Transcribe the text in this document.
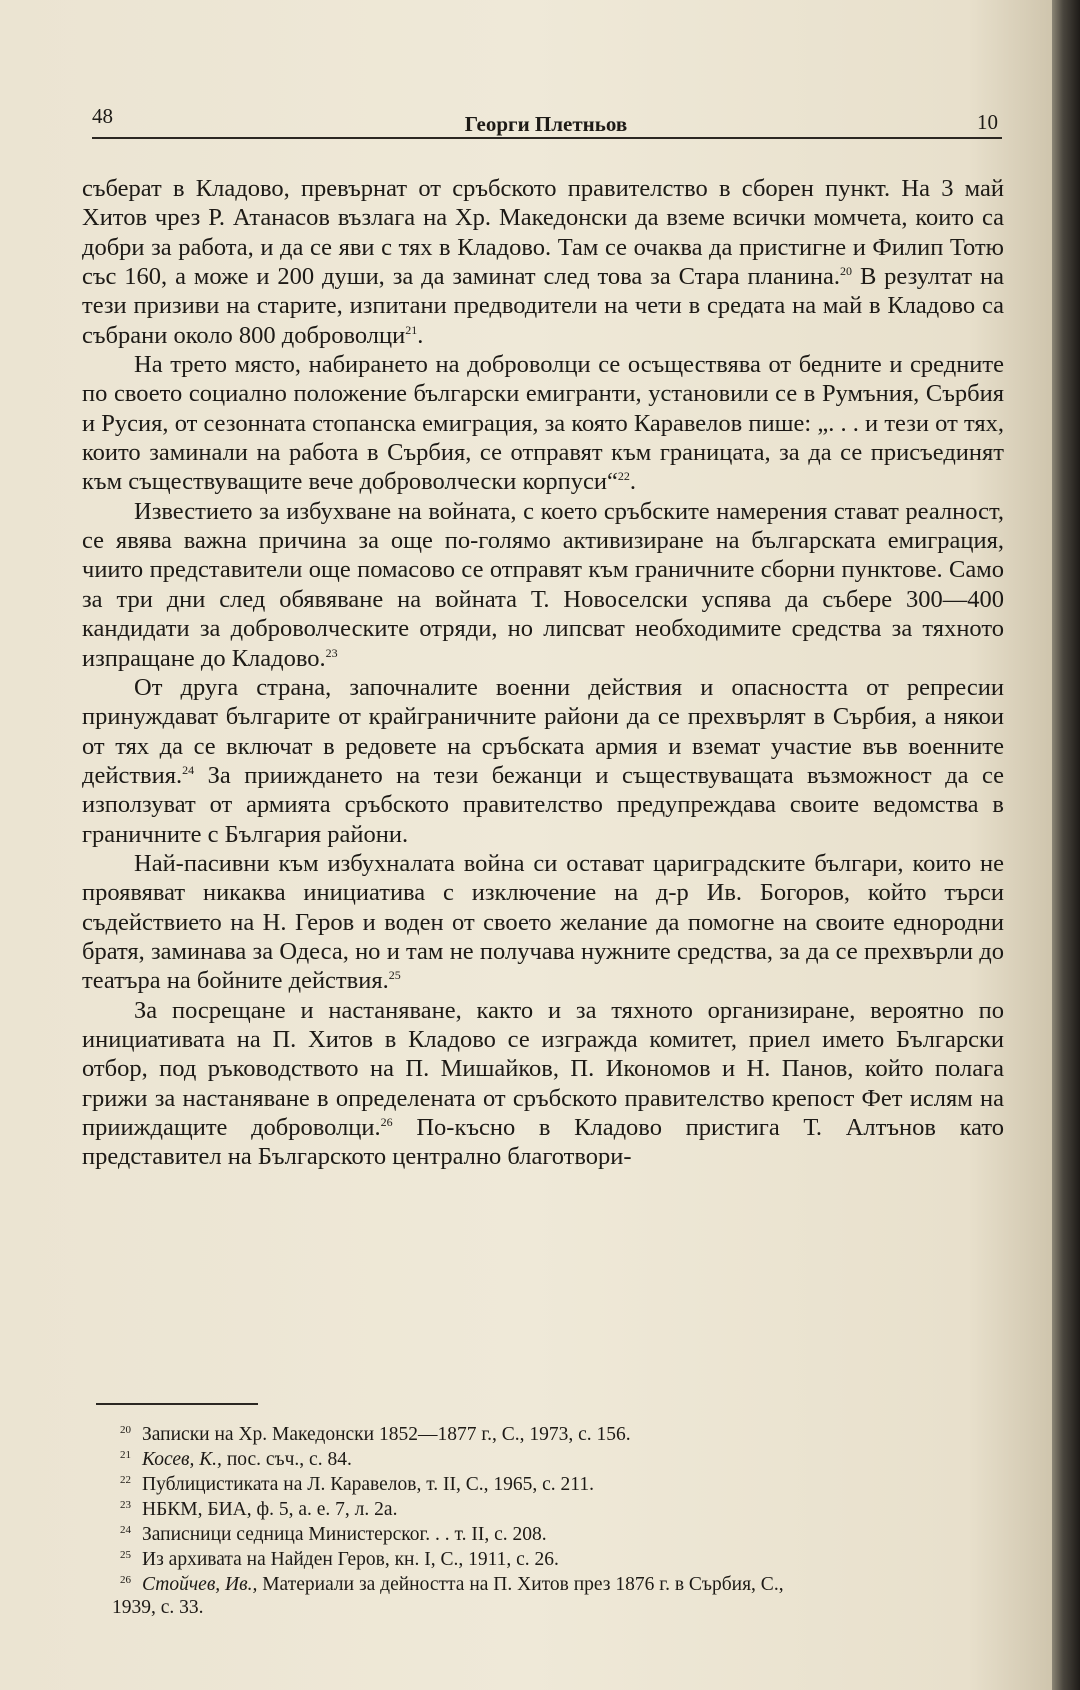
48	Георги Плетньов	10

съберат в Кладово, превърнат от сръбското правителство в сборен пункт. На 3 май Хитов чрез Р. Атанасов възлага на Хр. Македонски да вземе всички момчета, които са добри за работа, и да се яви с тях в Кладово. Там се очаква да пристигне и Филип Тотю със 160, а може и 200 души, за да заминат след това за Стара планина.$^{20}$ В резултат на тези призиви на старите, изпитани предводители на чети в средата на май в Кладово са събрани около 800 доброволци$^{21}$.

На трето място, набирането на доброволци се осъществява от бедните и средните по своето социално положение български емигранти, установили се в Румъния, Сърбия и Русия, от сезонната стопанска емиграция, за която Каравелов пише: „. . . и тези от тях, които заминали на работа в Сърбия, се отправят към границата, за да се присъединят към съществуващите вече доброволчески корпуси“$^{22}$.

Известието за избухване на войната, с което сръбските намерения стават реалност, се явява важна причина за още по-голямо активизиране на българската емиграция, чиито представители още помасово се отправят към граничните сборни пунктове. Само за три дни след обявяване на войната Т. Новоселски успява да събере 300—400 кандидати за доброволческите отряди, но липсват необходимите средства за тяхното изпращане до Кладово.$^{23}$

От друга страна, започналите военни действия и опасността от репресии принуждават българите от крайграничните райони да се прехвърлят в Сърбия, а някои от тях да се включат в редовете на сръбската армия и вземат участие във военните действия.$^{24}$ За прииждането на тези бежанци и съществуващата възможност да се използуват от армията сръбското правителство предупреждава своите ведомства в граничните с България райони.

Най-пасивни към избухналата война си остават цариградските българи, които не проявяват никаква инициатива с изключение на д-р Ив. Богоров, който търси съдействието на Н. Геров и воден от своето желание да помогне на своите еднородни братя, заминава за Одеса, но и там не получава нужните средства, за да се прехвърли до театъра на бойните действия.$^{25}$

За посрещане и настаняване, както и за тяхното организиране, вероятно по инициативата на П. Хитов в Кладово се изгражда комитет, приел името Български отбор, под ръководството на П. Мишайков, П. Икономов и Н. Панов, който полага грижи за настаняване в определената от сръбското правителство крепост Фет ислям на прииждащите доброволци.$^{26}$ По-късно в Кладово пристига Т. Алтънов като представител на Българското централно благотвори-

20 Записки на Хр. Македонски 1852—1877 г., С., 1973, с. 156.
21 Косев, К., пос. съч., с. 84.
22 Публицистиката на Л. Каравелов, т. II, С., 1965, с. 211.
23 НБКМ, БИА, ф. 5, а. е. 7, л. 2а.
24 Записници седница Министерског. . . т. II, с. 208.
25 Из архивата на Найден Геров, кн. I, С., 1911, с. 26.
26 Стойчев, Ив., Материали за дейността на П. Хитов през 1876 г. в Сърбия, С.,
1939, с. 33.
